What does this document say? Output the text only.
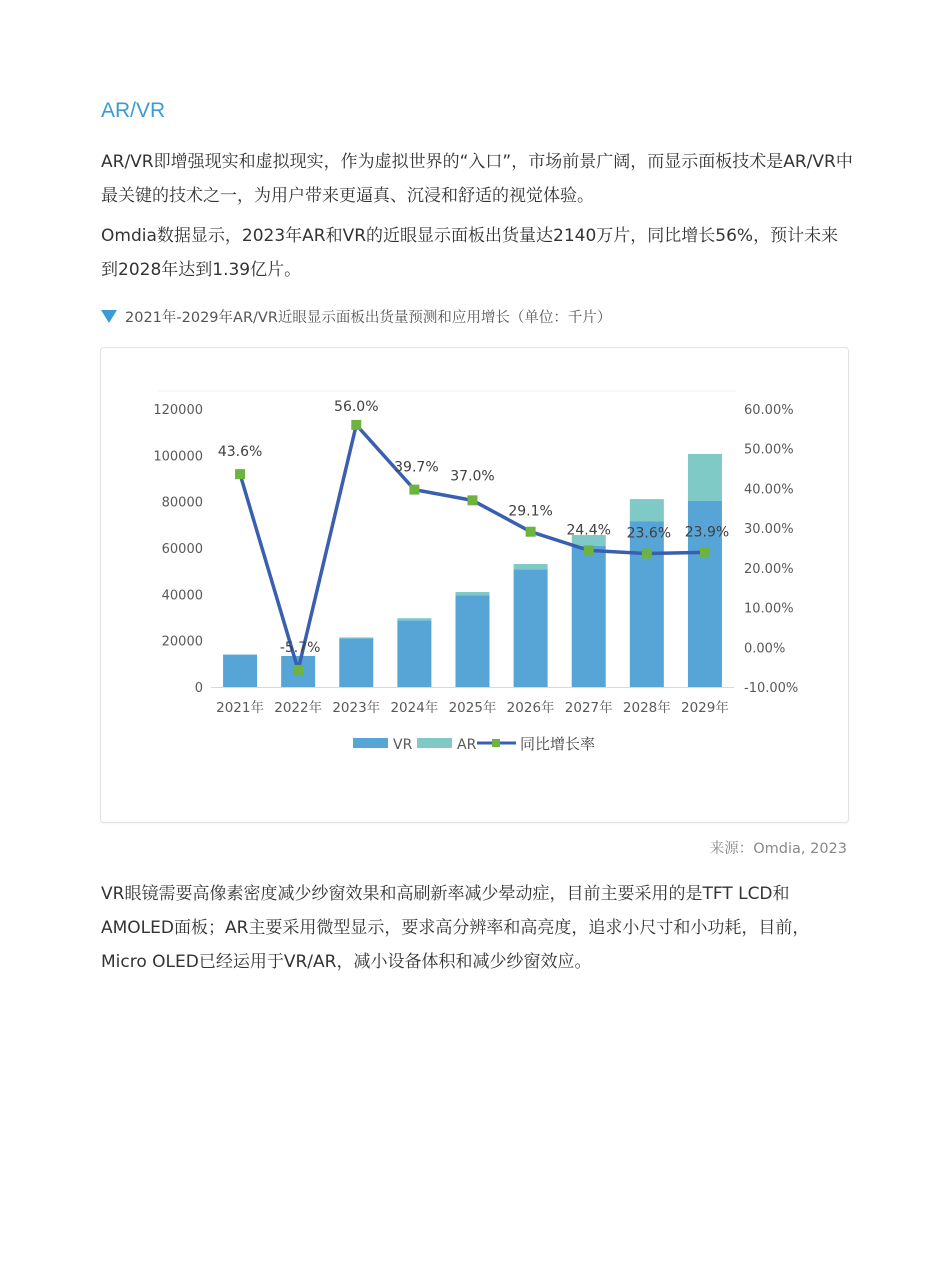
AR/VR
AR/VR即增强现实和虚拟现实，作为虚拟世界的“入口”，市场前景广阔，而显示面板技术是AR/VR中最关键的技术之一，为用户带来更逼真、沉浸和舒适的视觉体验。
Omdia数据显示，2023年AR和VR的近眼显示面板出货量达2140万片，同比增长56%，预计未来到2028年达到1.39亿片。
2021年-2029年AR/VR近眼显示面板出货量预测和应用增长（单位：千片）
0
20000
40000
60000
80000
100000
120000
-10.00%
0.00%
10.00%
20.00%
30.00%
40.00%
50.00%
60.00%
2021年 2022年 2023年 2024年 2025年 2026年 2027年 2028年 2029年
43.6%
-5.7%
56.0%
39.7%
37.0%
29.1%
24.4% 23.6% 23.9%
VR	AR	同比增长率
来源：Omdia, 2023
VR眼镜需要高像素密度减少纱窗效果和高刷新率减少晕动症，目前主要采用的是TFT LCD和AMOLED面板；AR主要采用微型显示，要求高分辨率和高亮度，追求小尺寸和小功耗，目前，Micro OLED已经运用于VR/AR，减小设备体积和减少纱窗效应。
